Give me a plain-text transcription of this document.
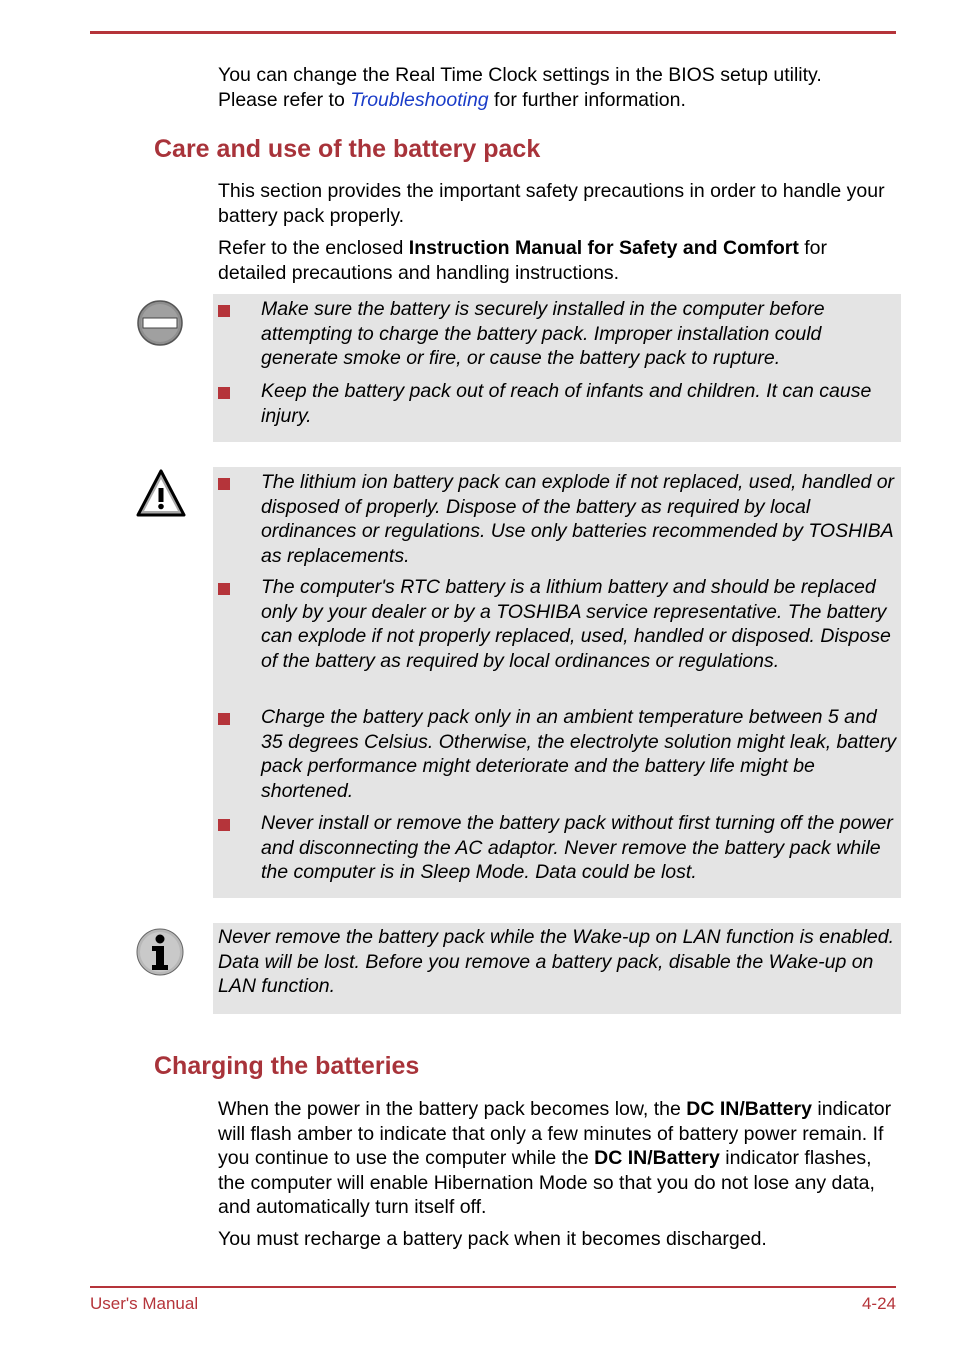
You can change the Real Time Clock settings in the BIOS setup utility.
Please refer to Troubleshooting for further information.

Care and use of the battery pack

This section provides the important safety precautions in order to handle your battery pack properly.

Refer to the enclosed Instruction Manual for Safety and Comfort for detailed precautions and handling instructions.

Make sure the battery is securely installed in the computer before attempting to charge the battery pack. Improper installation could generate smoke or fire, or cause the battery pack to rupture.
Keep the battery pack out of reach of infants and children. It can cause injury.
The lithium ion battery pack can explode if not replaced, used, handled or disposed of properly. Dispose of the battery as required by local ordinances or regulations. Use only batteries recommended by TOSHIBA as replacements.
The computer's RTC battery is a lithium battery and should be replaced only by your dealer or by a TOSHIBA service representative. The battery can explode if not properly replaced, used, handled or disposed. Dispose of the battery as required by local ordinances or regulations.
Charge the battery pack only in an ambient temperature between 5 and 35 degrees Celsius. Otherwise, the electrolyte solution might leak, battery pack performance might deteriorate and the battery life might be shortened.
Never install or remove the battery pack without first turning off the power and disconnecting the AC adaptor. Never remove the battery pack while the computer is in Sleep Mode. Data could be lost.
Never remove the battery pack while the Wake-up on LAN function is enabled. Data will be lost. Before you remove a battery pack, disable the Wake-up on LAN function.
Charging the batteries

When the power in the battery pack becomes low, the DC IN/Battery indicator will flash amber to indicate that only a few minutes of battery power remain. If you continue to use the computer while the DC IN/Battery indicator flashes, the computer will enable Hibernation Mode so that you do not lose any data, and automatically turn itself off.

You must recharge a battery pack when it becomes discharged.

User's Manual	4-24
